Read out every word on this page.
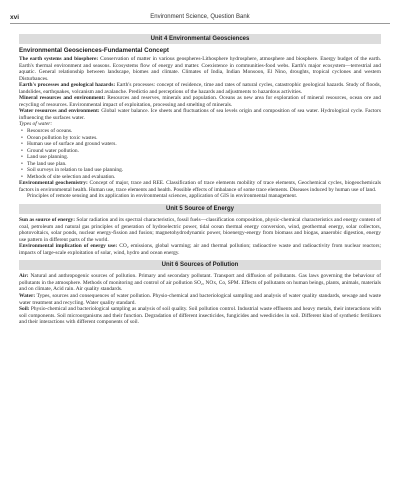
xvi	Environment Science, Question Bank
Unit 4 Environmental Geosciences
Environmental Geosciences-Fundamental Concept

The earth systems and biosphere: Conservation of matter in various geospheres-Lithosphere hydrosphere, atmosphere and biosphere. Energy budget of the earth. Earth's thermal environment and seasons. Ecosystems flow of energy and matter. Coexistence in communities-food webs. Earth's major ecosystem—terrestrial and aquatic. General relationship between landscape, biomes and climate. Climates of India, Indian Monsoon, El Nino, droughts, tropical cyclones and western Disturbances.

Earth's processes and geological hazards: Earth's processes: concept of residence, time and rates of natural cycles, catastrophic geological hazards. Study of floods, landslides, earthquakes, volcanism and avalanche. Predictio and perceptions of the hazards and adjustments to hazardous activities.

Mineral resources and environment: Resources and reserves, minerals and population. Oceans as new area for exploration of mineral resources, ocean ore and recycling of resources. Environmental impact of exploitation, processing and smelting of minerals.

Water resources and environment: Global water balance. Ice sheets and fluctuations of sea levels origin and composition of sea water. Hydrological cycle. Factors influencing the surfaces water.

Types of water:

• Resources of oceans.
• Ocean pollution by toxic wastes.
• Human use of surface and ground waters.
• Ground water pollution.
• Land use planning.
• The land use plan.
• Soil surveys in relation to land use planning.
• Methods of site selection and evaluation.

Environmental geochemistry: Concept of major, trace and REE. Classification of trace elements mobility of trace elements, Geochemical cycles, biogeochemicals factors in environmental health. Human use, trace elements and health. Possible effects of imbalance of some trace elements. Diseases induced by human use of land.

Principles of remote sensing and its application in environmental sciences, application of GIS in environmental management.

Unit 5 Source of Energy

Sun as source of energy: Solar radiation and its spectral characteristics, fossil fuels—classification composition, physic-chemical characteristics and energy content of coal, petroleum and natural gas principles of generation of hydroelectric power, tidal ocean thermal energy conversion, wind, geothermal energy, solar collectors, photovoltaics, solar ponds, nuclear energy-fission and fusion; magnetohydrodynamic power, bioenergy-energy from biomass and biogas, anaerobic digestion, energy use pattern in different parts of the world.

Environmental implication of energy use: CO₂ emissions, global warming; air and thermal pollution; radioactive waste and radioactivity from nuclear reactors; impacts of large-scale exploitation of solar, wind, hydro and ocean energy.

Unit 6 Sources of Pollution

Air: Natural and anthropogenic sources of pollution. Primary and secondary pollutant. Transport and diffusion of pollutants. Gas laws governing the behaviour of pollutants in the atmosphere. Methods of monitoring and control of air pollution SO₂, NOx, Co, SPM. Effects of pollutants on human beings, plants, animals, materials and on climate, Acid rain. Air quality standards.

Water: Types, sources and consequences of water pollution. Physio-chemical and bacteriological sampling and analysis of water quality standards, sewage and waste water treatment and recycling. Water quality standard.

Soil: Physio-chemical and bacteriological sampling as analysis of soil quality. Soil pollution control. Industrial waste effluents and heavy metals, their interactions with soil components. Soil microorganisms and their function. Degradation of different insecticides, fungicides and weedicides in soil. Different kind of synthetic fertilizers and their interactions with different components of soil.
